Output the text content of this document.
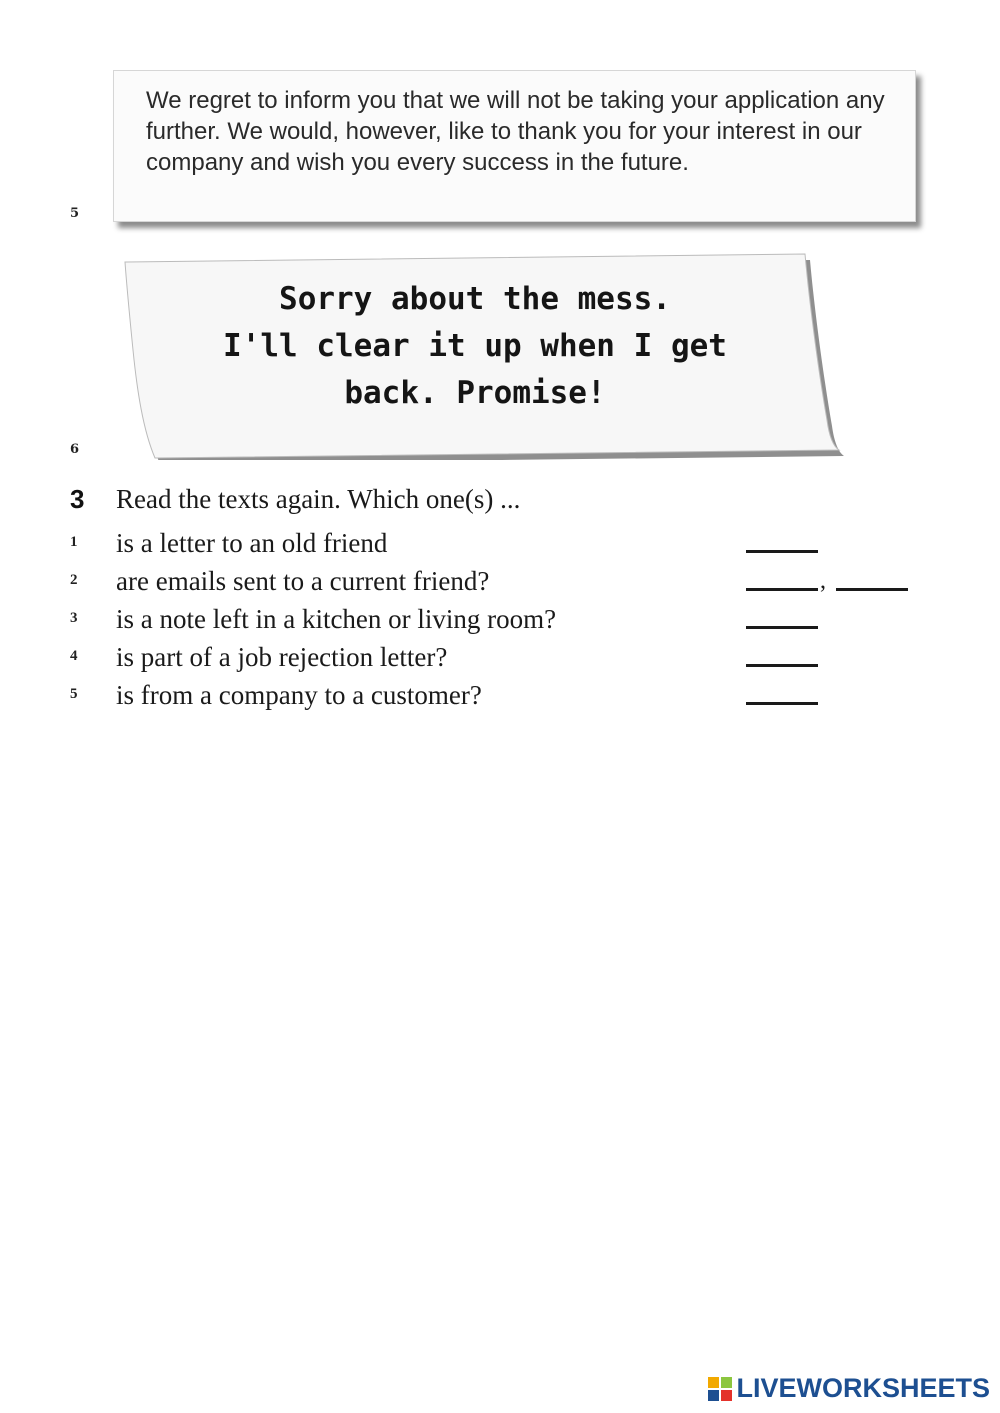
We regret to inform you that we will not be taking your application any further. We would, however, like to thank you for your interest in our company and wish you every success in the future.

5

Sorry about the mess.
I'll clear it up when I get
back. Promise!

6
3	Read the texts again. Which one(s) ...
1 is a letter to an old friend
2 are emails sent to a current friend?	,
3 is a note left in a kitchen or living room?
4 is part of a job rejection letter?
5 is from a company to a customer?
LIVEWORKSHEETS
